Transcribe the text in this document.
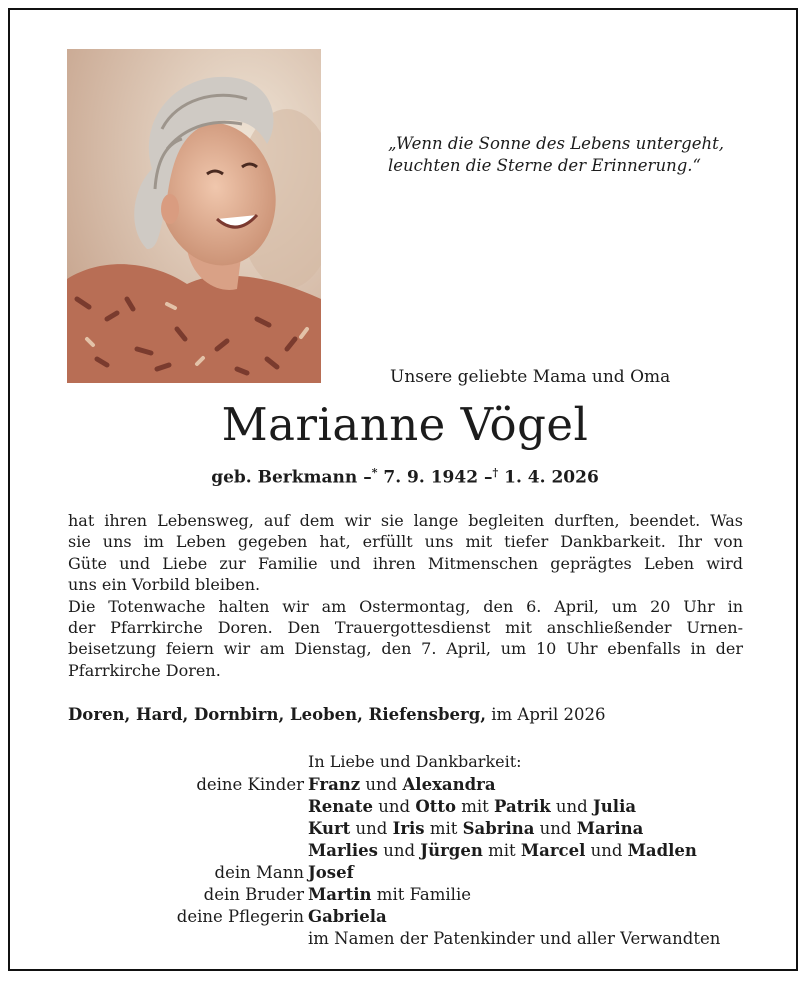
„Wenn die Sonne des Lebens untergeht,
leuchten die Sterne der Erinnerung.“
Unsere geliebte Mama und Oma
Marianne Vögel
geb. Berkmann –* 7. 9. 1942 –† 1. 4. 2026
hat ihren Lebensweg, auf dem wir sie lange begleiten durften, beendet. Was
sie uns im Leben gegeben hat, erfüllt uns mit tiefer Dankbarkeit. Ihr von
Güte und Liebe zur Familie und ihren Mitmenschen geprägtes Leben wird
uns ein Vorbild bleiben.
Die Totenwache halten wir am Ostermontag, den 6. April, um 20 Uhr in
der Pfarrkirche Doren. Den Trauergottesdienst mit anschließender Urnen-
beisetzung feiern wir am Dienstag, den 7. April, um 10 Uhr ebenfalls in der
Pfarrkirche Doren.
Doren, Hard, Dornbirn, Leoben, Riefensberg, im April 2026
In Liebe und Dankbarkeit:
deine Kinder Franz und Alexandra
Renate und Otto mit Patrik und Julia
Kurt und Iris mit Sabrina und Marina
Marlies und Jürgen mit Marcel und Madlen
dein Mann Josef
dein Bruder Martin mit Familie
deine Pflegerin Gabriela
im Namen der Patenkinder und aller Verwandten
